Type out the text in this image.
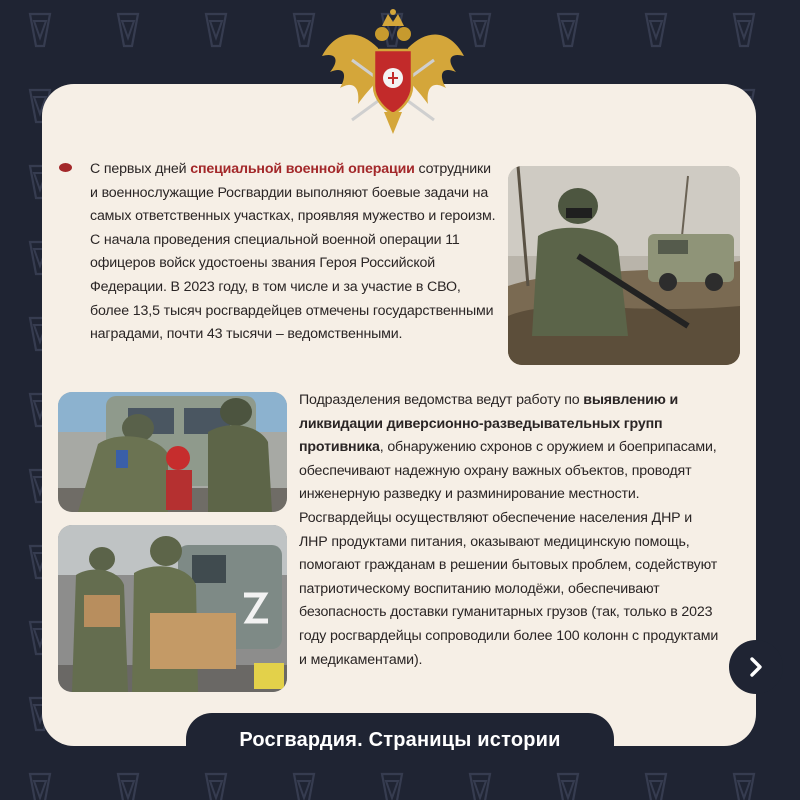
С первых дней специальной военной операции сотрудники и военнослужащие Росгвардии выполняют боевые задачи на самых ответственных участках, проявляя мужество и героизм.

С начала проведения специальной военной операции 11 офицеров войск удостоены звания Героя Российской Федерации. В 2023 году, в том числе и за участие в СВО, более 13,5 тысяч росгвардейцев отмечены государственными наградами, почти 43 тысячи – ведомственными.

Подразделения ведомства ведут работу по выявлению и ликвидации диверсионно-разведывательных групп противника, обнаружению схронов с оружием и боеприпасами, обеспечивают надежную охрану важных объектов, проводят инженерную разведку и разминирование местности.

Росгвардейцы осуществляют обеспечение населения ДНР и ЛНР продуктами питания, оказывают медицинскую помощь, помогают гражданам в решении бытовых проблем, содействуют патриотическому воспитанию молодёжи, обеспечивают безопасность доставки гуманитарных грузов (так, только в 2023 году росгвардейцы сопроводили более 100 колонн с продуктами и медикаментами).

Росгвардия. Страницы истории
